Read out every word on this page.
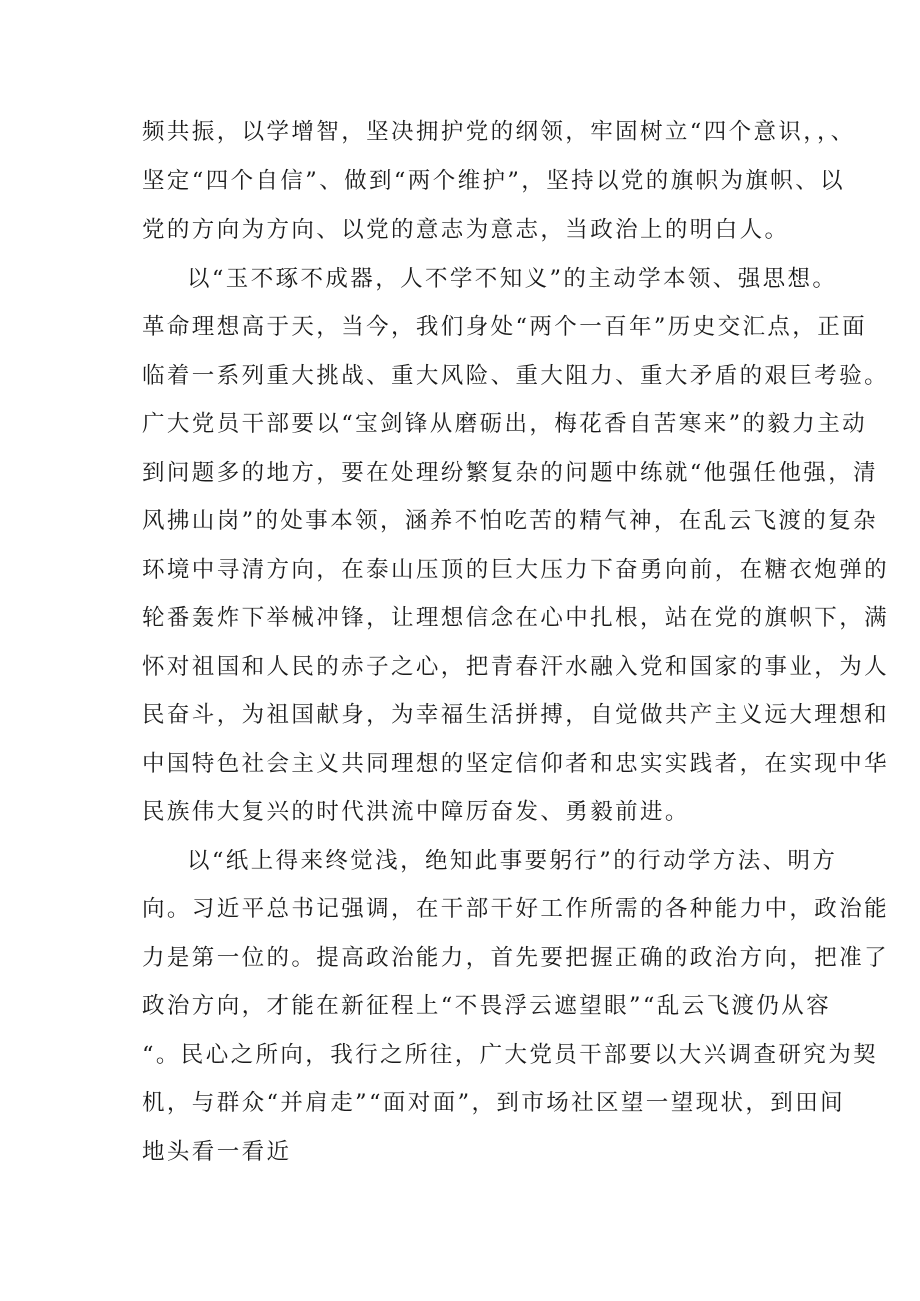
频共振，以学增智，坚决拥护党的纲领，牢固树立“四个意识，，、
坚定“四个自信”、做到“两个维护”，坚持以党的旗帜为旗帜、以
党的方向为方向、以党的意志为意志，当政治上的明白人。
以“玉不琢不成器，人不学不知义”的主动学本领、强思想。
革命理想高于天，当今，我们身处“两个一百年”历史交汇点，正面
临着一系列重大挑战、重大风险、重大阻力、重大矛盾的艰巨考验。
广大党员干部要以“宝剑锋从磨砺出，梅花香自苦寒来”的毅力主动
到问题多的地方，要在处理纷繁复杂的问题中练就“他强任他强，清
风拂山岗”的处事本领，涵养不怕吃苦的精气神，在乱云飞渡的复杂
环境中寻清方向，在泰山压顶的巨大压力下奋勇向前，在糖衣炮弹的
轮番轰炸下举械冲锋，让理想信念在心中扎根，站在党的旗帜下，满
怀对祖国和人民的赤子之心，把青春汗水融入党和国家的事业，为人
民奋斗，为祖国献身，为幸福生活拼搏，自觉做共产主义远大理想和
中国特色社会主义共同理想的坚定信仰者和忠实实践者，在实现中华
民族伟大复兴的时代洪流中障厉奋发、勇毅前进。
以“纸上得来终觉浅，绝知此事要躬行”的行动学方法、明方
向。习近平总书记强调，在干部干好工作所需的各种能力中，政治能
力是第一位的。提高政治能力，首先要把握正确的政治方向，把准了
政治方向，才能在新征程上“不畏浮云遮望眼”“乱云飞渡仍从容
“。民心之所向，我行之所往，广大党员干部要以大兴调查研究为契
机，与群众“并肩走”“面对面”，到市场社区望一望现状，到田间
地头看一看近
